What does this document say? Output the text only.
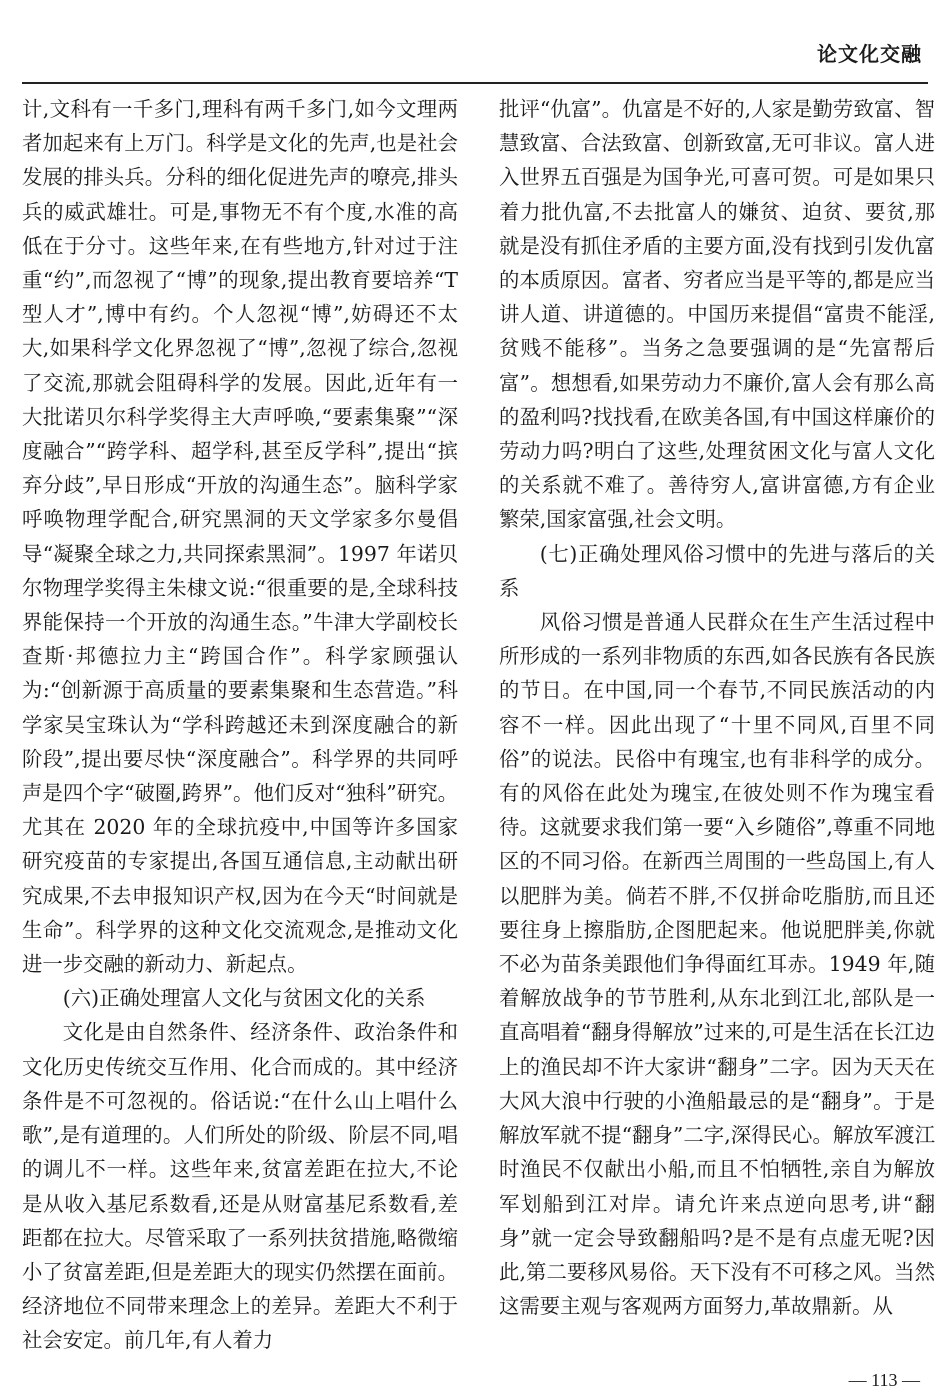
论文化交融

计,文科有一千多门,理科有两千多门,如今文理两者加起来有上万门。科学是文化的先声,也是社会发展的排头兵。分科的细化促进先声的嘹亮,排头兵的威武雄壮。可是,事物无不有个度,水准的高低在于分寸。这些年来,在有些地方,针对过于注重“约”,而忽视了“博”的现象,提出教育要培养“T 型人才”,博中有约。个人忽视“博”,妨碍还不太大,如果科学文化界忽视了“博”,忽视了综合,忽视了交流,那就会阻碍科学的发展。因此,近年有一大批诺贝尔科学奖得主大声呼唤,“要素集聚”“深度融合”“跨学科、超学科,甚至反学科”,提出“摈弃分歧”,早日形成“开放的沟通生态”。脑科学家呼唤物理学配合,研究黑洞的天文学家多尔曼倡导“凝聚全球之力,共同探索黑洞”。1997 年诺贝尔物理学奖得主朱棣文说:“很重要的是,全球科技界能保持一个开放的沟通生态。”牛津大学副校长查斯·邦德拉力主“跨国合作”。科学家顾强认为:“创新源于高质量的要素集聚和生态营造。”科学家吴宝珠认为“学科跨越还未到深度融合的新阶段”,提出要尽快“深度融合”。科学界的共同呼声是四个字“破圈,跨界”。他们反对“独科”研究。尤其在 2020 年的全球抗疫中,中国等许多国家研究疫苗的专家提出,各国互通信息,主动献出研究成果,不去申报知识产权,因为在今天“时间就是生命”。科学界的这种文化交流观念,是推动文化进一步交融的新动力、新起点。

(六)正确处理富人文化与贫困文化的关系

文化是由自然条件、经济条件、政治条件和文化历史传统交互作用、化合而成的。其中经济条件是不可忽视的。俗话说:“在什么山上唱什么歌”,是有道理的。人们所处的阶级、阶层不同,唱的调儿不一样。这些年来,贫富差距在拉大,不论是从收入基尼系数看,还是从财富基尼系数看,差距都在拉大。尽管采取了一系列扶贫措施,略微缩小了贫富差距,但是差距大的现实仍然摆在面前。经济地位不同带来理念上的差异。差距大不利于社会安定。前几年,有人着力

批评“仇富”。仇富是不好的,人家是勤劳致富、智慧致富、合法致富、创新致富,无可非议。富人进入世界五百强是为国争光,可喜可贺。可是如果只着力批仇富,不去批富人的嫌贫、迫贫、要贫,那就是没有抓住矛盾的主要方面,没有找到引发仇富的本质原因。富者、穷者应当是平等的,都是应当讲人道、讲道德的。中国历来提倡“富贵不能淫,贫贱不能移”。当务之急要强调的是“先富帮后富”。想想看,如果劳动力不廉价,富人会有那么高的盈利吗?找找看,在欧美各国,有中国这样廉价的劳动力吗?明白了这些,处理贫困文化与富人文化的关系就不难了。善待穷人,富讲富德,方有企业繁荣,国家富强,社会文明。

(七)正确处理风俗习惯中的先进与落后的关系

风俗习惯是普通人民群众在生产生活过程中所形成的一系列非物质的东西,如各民族有各民族的节日。在中国,同一个春节,不同民族活动的内容不一样。因此出现了“十里不同风,百里不同俗”的说法。民俗中有瑰宝,也有非科学的成分。有的风俗在此处为瑰宝,在彼处则不作为瑰宝看待。这就要求我们第一要“入乡随俗”,尊重不同地区的不同习俗。在新西兰周围的一些岛国上,有人以肥胖为美。倘若不胖,不仅拼命吃脂肪,而且还要往身上擦脂肪,企图肥起来。他说肥胖美,你就不必为苗条美跟他们争得面红耳赤。1949 年,随着解放战争的节节胜利,从东北到江北,部队是一直高唱着“翻身得解放”过来的,可是生活在长江边上的渔民却不许大家讲“翻身”二字。因为天天在大风大浪中行驶的小渔船最忌的是“翻身”。于是解放军就不提“翻身”二字,深得民心。解放军渡江时渔民不仅献出小船,而且不怕牺牲,亲自为解放军划船到江对岸。请允许来点逆向思考,讲“翻身”就一定会导致翻船吗?是不是有点虚无呢?因此,第二要移风易俗。天下没有不可移之风。当然这需要主观与客观两方面努力,革故鼎新。从

— 113 —
